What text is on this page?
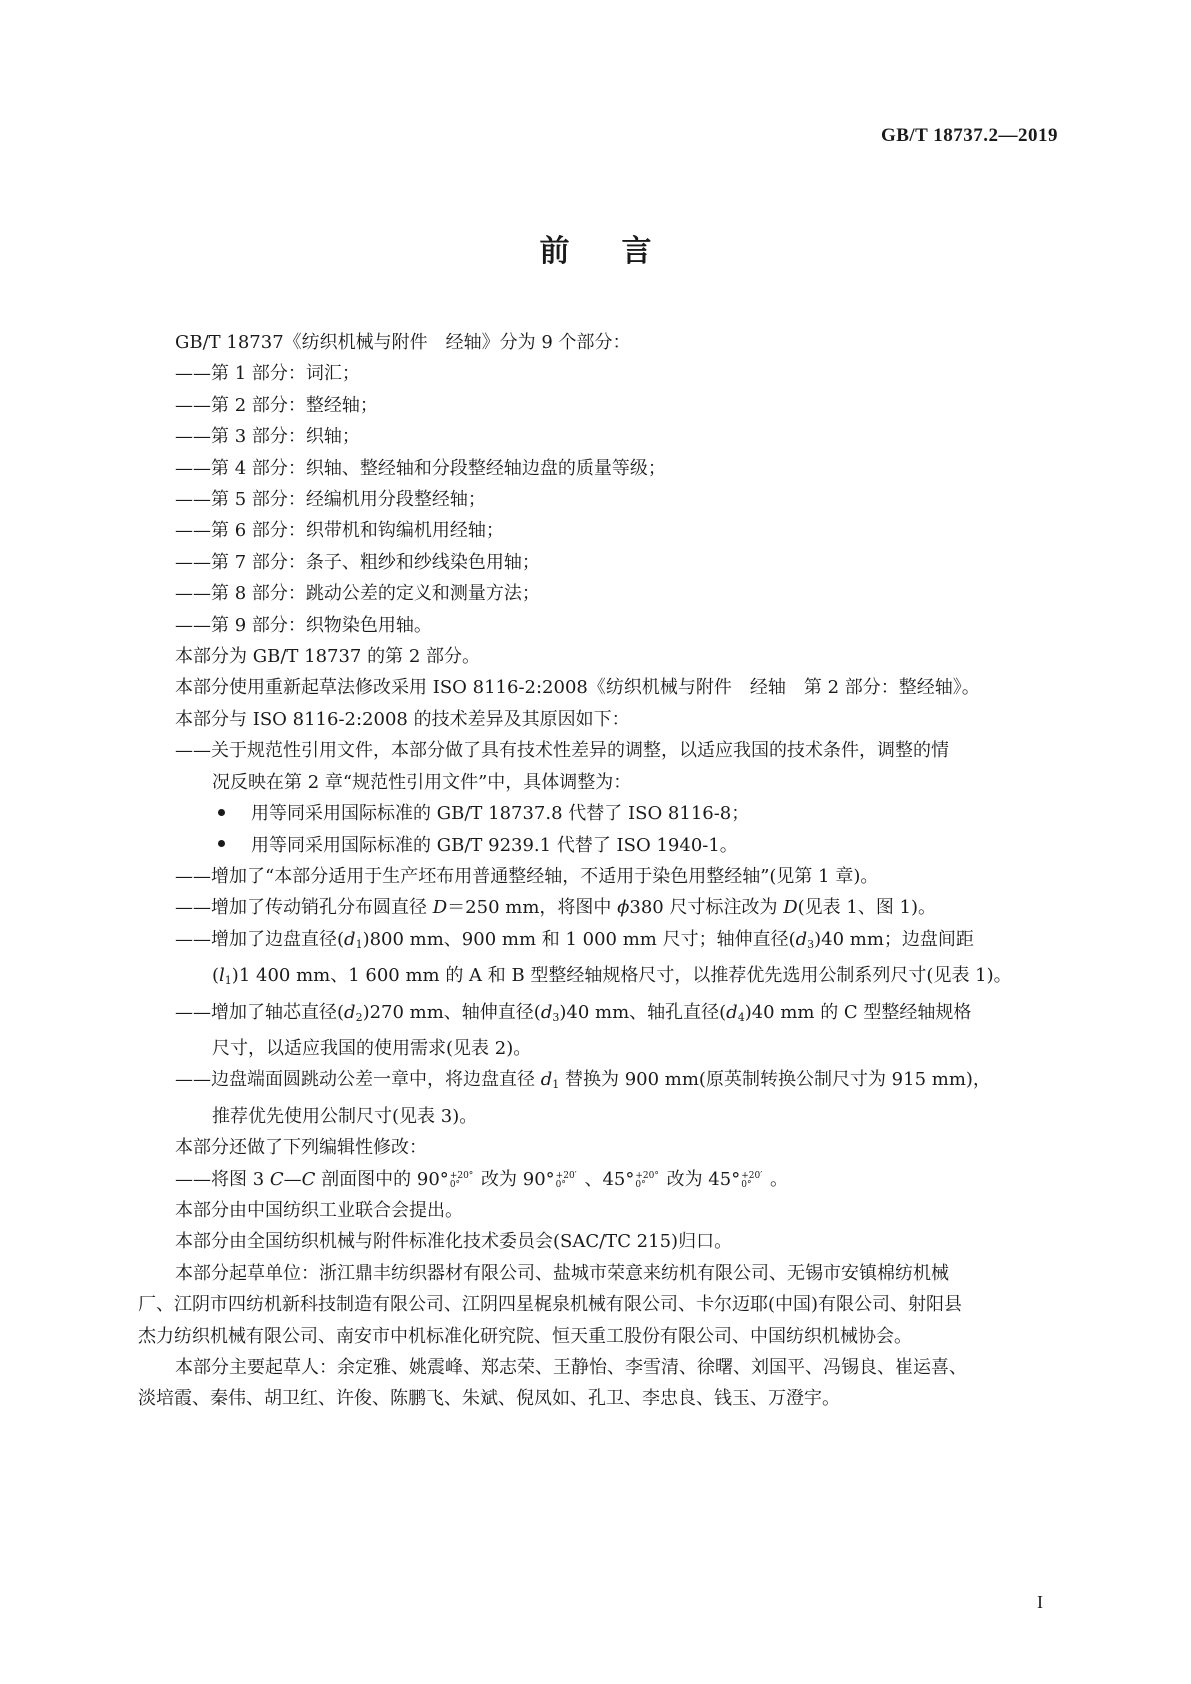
GB/T 18737.2—2019
前言

GB/T 18737《纺织机械与附件　经轴》分为 9 个部分：

——第 1 部分：词汇；

——第 2 部分：整经轴；

——第 3 部分：织轴；

——第 4 部分：织轴、整经轴和分段整经轴边盘的质量等级；

——第 5 部分：经编机用分段整经轴；

——第 6 部分：织带机和钩编机用经轴；

——第 7 部分：条子、粗纱和纱线染色用轴；

——第 8 部分：跳动公差的定义和测量方法；

——第 9 部分：织物染色用轴。

本部分为 GB/T 18737 的第 2 部分。

本部分使用重新起草法修改采用 ISO 8116-2:2008《纺织机械与附件　经轴　第 2 部分：整经轴》。

本部分与 ISO 8116-2:2008 的技术差异及其原因如下：

——关于规范性引用文件，本部分做了具有技术性差异的调整，以适应我国的技术条件，调整的情
况反映在第 2 章“规范性引用文件”中，具体调整为：
用等同采用国际标准的 GB/T 18737.8 代替了 ISO 8116-8；
用等同采用国际标准的 GB/T 9239.1 代替了 ISO 1940-1。

——增加了“本部分适用于生产坯布用普通整经轴，不适用于染色用整经轴”(见第 1 章)。

——增加了传动销孔分布圆直径 D＝250 mm，将图中 ϕ380 尺寸标注改为 D(见表 1、图 1)。

——增加了边盘直径$(d_1)800$ mm、900 mm 和 1 000 mm 尺寸；轴伸直径$(d_3)40$ mm；边盘间距
$(l_1)1$ 400 mm、1 600 mm 的 A 和 B 型整经轴规格尺寸，以推荐优先选用公制系列尺寸(见表 1)。
——增加了轴芯直径$(d_2)270$ mm、轴伸直径$(d_3)40$ mm、轴孔直径$(d_4)40$ mm 的 C 型整经轴规格
尺寸，以适应我国的使用需求(见表 2)。
——边盘端面圆跳动公差一章中，将边盘直径 $d_1$ 替换为 900 mm(原英制转换公制尺寸为 915 mm)，
推荐优先使用公制尺寸(见表 3)。

本部分还做了下列编辑性修改：

——将图 3 C—C 剖面图中的 90° +20°
0° 改为 90° +20′
0° 、45° +20°
0° 改为 45° +20′
0° 。

本部分由中国纺织工业联合会提出。

本部分由全国纺织机械与附件标准化技术委员会(SAC/TC 215)归口。

本部分起草单位：浙江鼎丰纺织器材有限公司、盐城市荣意来纺机有限公司、无锡市安镇棉纺机械
厂、江阴市四纺机新科技制造有限公司、江阴四星梶泉机械有限公司、卡尔迈耶(中国)有限公司、射阳县
杰力纺织机械有限公司、南安市中机标准化研究院、恒天重工股份有限公司、中国纺织机械协会。
本部分主要起草人：余定雅、姚震峰、郑志荣、王静怡、李雪清、徐曙、刘国平、冯锡良、崔运喜、
淡培霞、秦伟、胡卫红、许俊、陈鹏飞、朱斌、倪凤如、孔卫、李忠良、钱玉、万澄宇。
I
